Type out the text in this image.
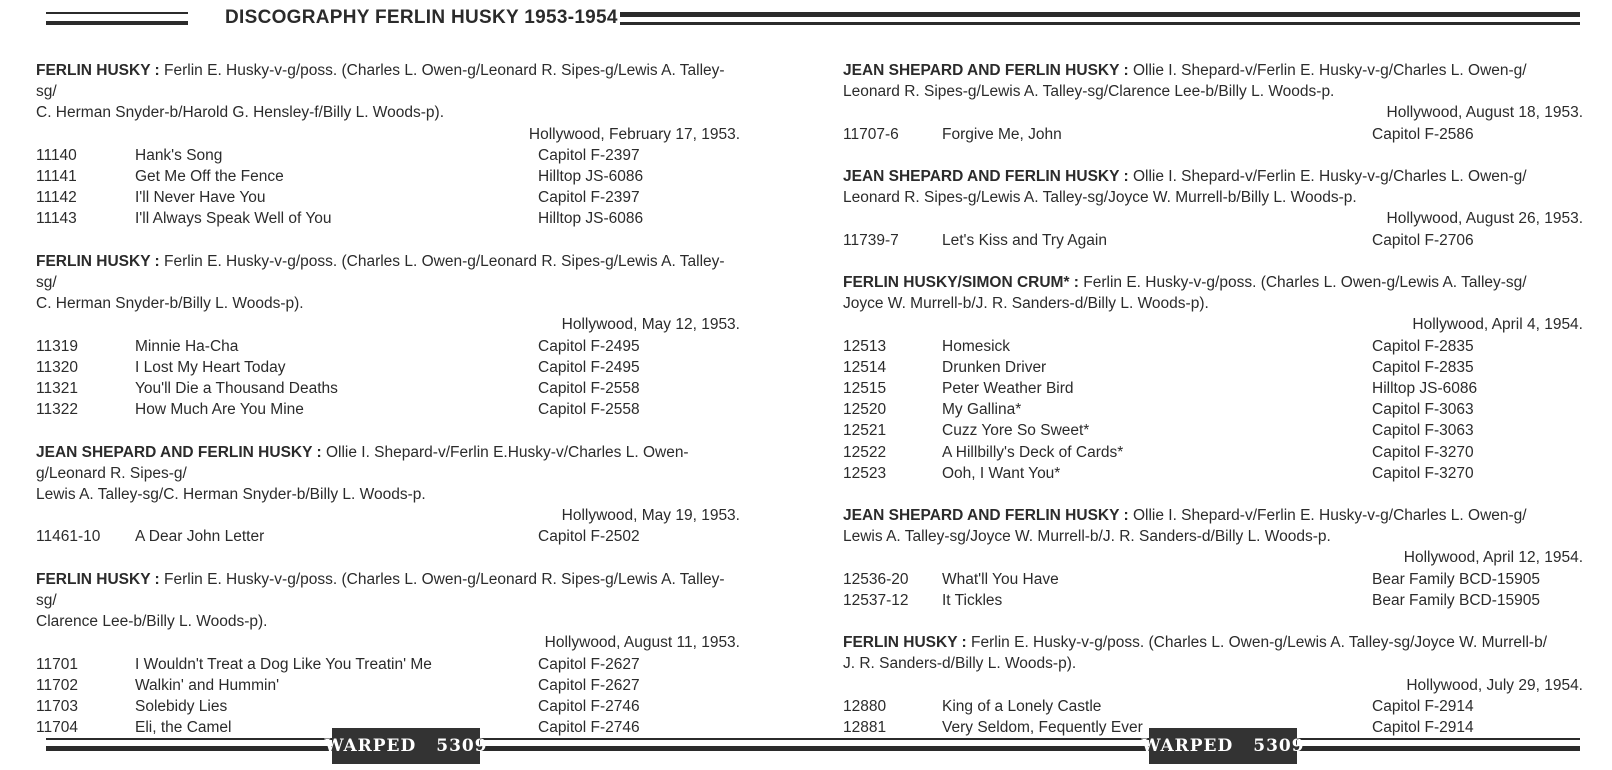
DISCOGRAPHY FERLIN HUSKY 1953-1954
FERLIN HUSKY : Ferlin E. Husky-v-g/poss. (Charles L. Owen-g/Leonard R. Sipes-g/Lewis A. Talley-sg/
C. Herman Snyder-b/Harold G. Hensley-f/Billy L. Woods-p).
Hollywood, February 17, 1953.
11140	Hank's Song	Capitol F-2397
11141	Get Me Off the Fence	Hilltop JS-6086
11142	I'll Never Have You	Capitol F-2397
11143	I'll Always Speak Well of You	Hilltop JS-6086
FERLIN HUSKY : Ferlin E. Husky-v-g/poss. (Charles L. Owen-g/Leonard R. Sipes-g/Lewis A. Talley-sg/
C. Herman Snyder-b/Billy L. Woods-p).
Hollywood, May 12, 1953.
11319	Minnie Ha-Cha	Capitol F-2495
11320	I Lost My Heart Today	Capitol F-2495
11321	You'll Die a Thousand Deaths	Capitol F-2558
11322	How Much Are You Mine	Capitol F-2558
JEAN SHEPARD AND FERLIN HUSKY : Ollie I. Shepard-v/Ferlin E.Husky-v/Charles L. Owen-g/Leonard R. Sipes-g/
Lewis A. Talley-sg/C. Herman Snyder-b/Billy L. Woods-p.
Hollywood, May 19, 1953.
11461-10 A Dear John Letter	Capitol F-2502
FERLIN HUSKY : Ferlin E. Husky-v-g/poss. (Charles L. Owen-g/Leonard R. Sipes-g/Lewis A. Talley-sg/
Clarence Lee-b/Billy L. Woods-p).
Hollywood, August 11, 1953.
11701	I Wouldn't Treat a Dog Like You Treatin' Me	Capitol F-2627
11702	Walkin' and Hummin'	Capitol F-2627
11703	Solebidy Lies	Capitol F-2746
11704	Eli, the Camel	Capitol F-2746
JEAN SHEPARD AND FERLIN HUSKY : Ollie I. Shepard-v/Ferlin E. Husky-v-g/Charles L. Owen-g/
Leonard R. Sipes-g/Lewis A. Talley-sg/Clarence Lee-b/Billy L. Woods-p.
Hollywood, August 18, 1953.
11707-6	Forgive Me, John	Capitol F-2586
JEAN SHEPARD AND FERLIN HUSKY : Ollie I. Shepard-v/Ferlin E. Husky-v-g/Charles L. Owen-g/
Leonard R. Sipes-g/Lewis A. Talley-sg/Joyce W. Murrell-b/Billy L. Woods-p.
Hollywood, August 26, 1953.
11739-7	Let's Kiss and Try Again	Capitol F-2706
FERLIN HUSKY/SIMON CRUM* : Ferlin E. Husky-v-g/poss. (Charles L. Owen-g/Lewis A. Talley-sg/
Joyce W. Murrell-b/J. R. Sanders-d/Billy L. Woods-p).
Hollywood, April 4, 1954.
12513	Homesick	Capitol F-2835
12514	Drunken Driver	Capitol F-2835
12515	Peter Weather Bird	Hilltop JS-6086
12520	My Gallina*	Capitol F-3063
12521	Cuzz Yore So Sweet*	Capitol F-3063
12522	A Hillbilly's Deck of Cards*	Capitol F-3270
12523	Ooh, I Want You*	Capitol F-3270
JEAN SHEPARD AND FERLIN HUSKY : Ollie I. Shepard-v/Ferlin E. Husky-v-g/Charles L. Owen-g/
Lewis A. Talley-sg/Joyce W. Murrell-b/J. R. Sanders-d/Billy L. Woods-p.
Hollywood, April 12, 1954.
12536-20 What'll You Have	Bear Family BCD-15905
12537-12 It Tickles	Bear Family BCD-15905
FERLIN HUSKY : Ferlin E. Husky-v-g/poss. (Charles L. Owen-g/Lewis A. Talley-sg/Joyce W. Murrell-b/
J. R. Sanders-d/Billy L. Woods-p).
Hollywood, July 29, 1954.
12880	King of a Lonely Castle	Capitol F-2914
12881	Very Seldom, Fequently Ever	Capitol F-2914
WARPED 5309	WARPED 5309
